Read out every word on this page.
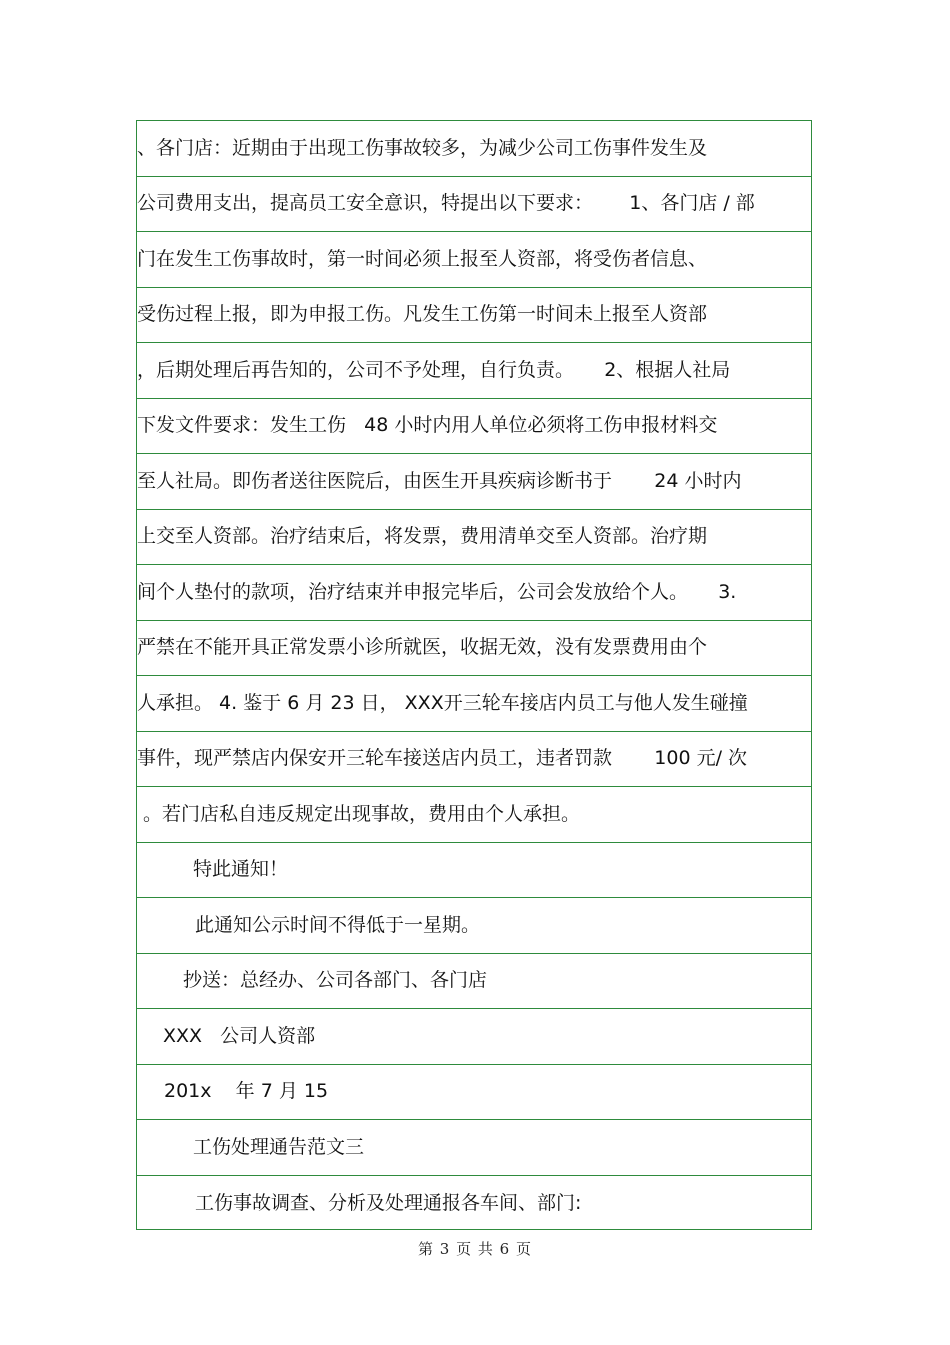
、各门店：近期由于出现工伤事故较多，为减少公司工伤事件发生及
公司费用支出，提高员工安全意识，特提出以下要求：      1、各门店 / 部
门在发生工伤事故时，第一时间必须上报至人资部，将受伤者信息、
受伤过程上报，即为申报工伤。凡发生工伤第一时间未上报至人资部
，后期处理后再告知的，公司不予处理，自行负责。     2、根据人社局
下发文件要求：发生工伤   48 小时内用人单位必须将工伤申报材料交
至人社局。即伤者送往医院后，由医生开具疾病诊断书于       24 小时内
上交至人资部。治疗结束后，将发票，费用清单交至人资部。治疗期
间个人垫付的款项，治疗结束并申报完毕后，公司会发放给个人。     3.
严禁在不能开具正常发票小诊所就医，收据无效，没有发票费用由个
人承担。 4. 鉴于 6 月 23 日， XXX开三轮车接店内员工与他人发生碰撞
事件，现严禁店内保安开三轮车接送店内员工，违者罚款       100 元/ 次
。若门店私自违反规定出现事故，费用由个人承担。
特此通知！
此通知公示时间不得低于一星期。
抄送：总经办、公司各部门、各门店
XXX   公司人资部
201x    年 7 月 15
工伤处理通告范文三
工伤事故调查、分析及处理通报各车间、部门:
第 3 页 共 6 页
